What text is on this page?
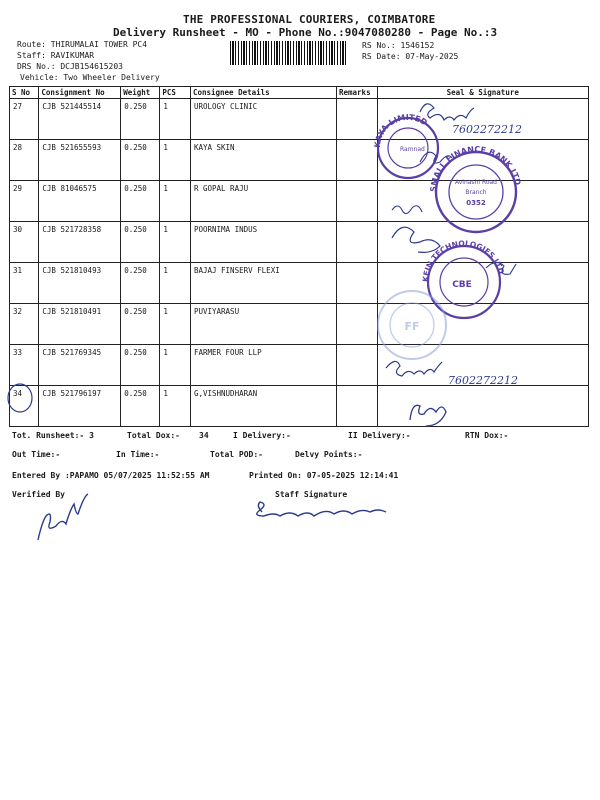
THE PROFESSIONAL COURIERS, COIMBATORE
Delivery Runsheet - MO - Phone No.:9047080280 - Page No.:3
Route: THIRUMALAI TOWER PC4
Staff: RAVIKUMAR
DRS No.: DCJB154615203
Vehicle: Two Wheeler Delivery
RS No.: 1546152
RS Date: 07-May-2025
S No	Consignment No	Weight	PCS	Consignee Details	Remarks	Seal & Signature
27	CJB 521445514	0.250	1	UROLOGY CLINIC		
28	CJB 521655593	0.250	1	KAYA SKIN		
29	CJB 81046575	0.250	1	R GOPAL RAJU		
30	CJB 521728358	0.250	1	POORNIMA INDUS		
31	CJB 521810493	0.250	1	BAJAJ FINSERV FLEXI		
32	CJB 521810491	0.250	1	PUVIYARASU		
33	CJB 521769345	0.250	1	FARMER FOUR LLP		
34	CJB 521796197	0.250	1	G,VISHNUDHARAN		
Tot. Runsheet:- 3	Total Dox:- 34	I Delivery:-	II Delivery:-	RTN Dox:-
Out Time:-	In Time:-	Total POD:-	Delvy Points:-
Entered By :PAPAMO 05/07/2025 11:52:55 AM	Printed On: 07-05-2025 12:14:41
Verified By	Staff Signature
7602272212
KAYA LIMITED
Ramnad
SMALL FINANCE BANK LTD
Avinashi Road
Branch
0352
KFIN TECHNOLOGIES LTD
CBE
FF
7602272212
